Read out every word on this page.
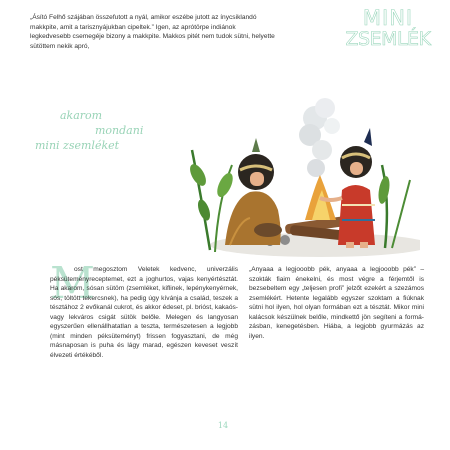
„Ásító Felhő szájában összefutott a nyál, amikor eszébe jutott az ínycsiklandó makkpite, amit a tarisznyájukban cipeltek.” Igen, az aprótörpe indiánok legkedvesebb csemegéje bizony a makkpite. Makkos pitét nem tudok sütni, helyette sütöttem nekik apró,
MINI
ZSEMLÉK
akarom
mondani
mini zsemléket
M

ost megosztom Veletek kedvenc, univerzális péksüteményreceptemet, ezt a joghurtos, vajas kenyértésztát. Ha akarom, sósan sütöm (zsemléket, kiflinek, lepénykenyérnek, sós, töltött tekercsnek), ha pedig úgy kívánja a család, teszek a tésztához 2 evőkanál cukrot, és akkor édeset, pl. brióst, kakaós- vagy lekváros csigát sütök belőle. Melegen és langyosan egyszerűen ellenállhatatlan a teszta, természetesen a legjobb (mint minden péksüteményt) frissen fogyasztani, de még másnaposan is puha és lágy marad, egészen keveset veszít élvezeti értékéből.

„Anyaaa a legjooobb pék, anyaaa a legjooobb pék” – szokták fiaim énekelni, és most végre a férjemtől is bezsebeltem egy „teljesen profi” jelzőt ezekért a szezámos zsemlékért. Hetente legalább egyszer szoktam a fiúknak sütni hol ilyen, hol olyan formában ezt a tésztát. Mikor mini kalácsok készülnek belőle, mindkettő jön segíteni a formázásban, kenegetésben. Hiába, a legjobb gyurmázás az ilyen.

14
